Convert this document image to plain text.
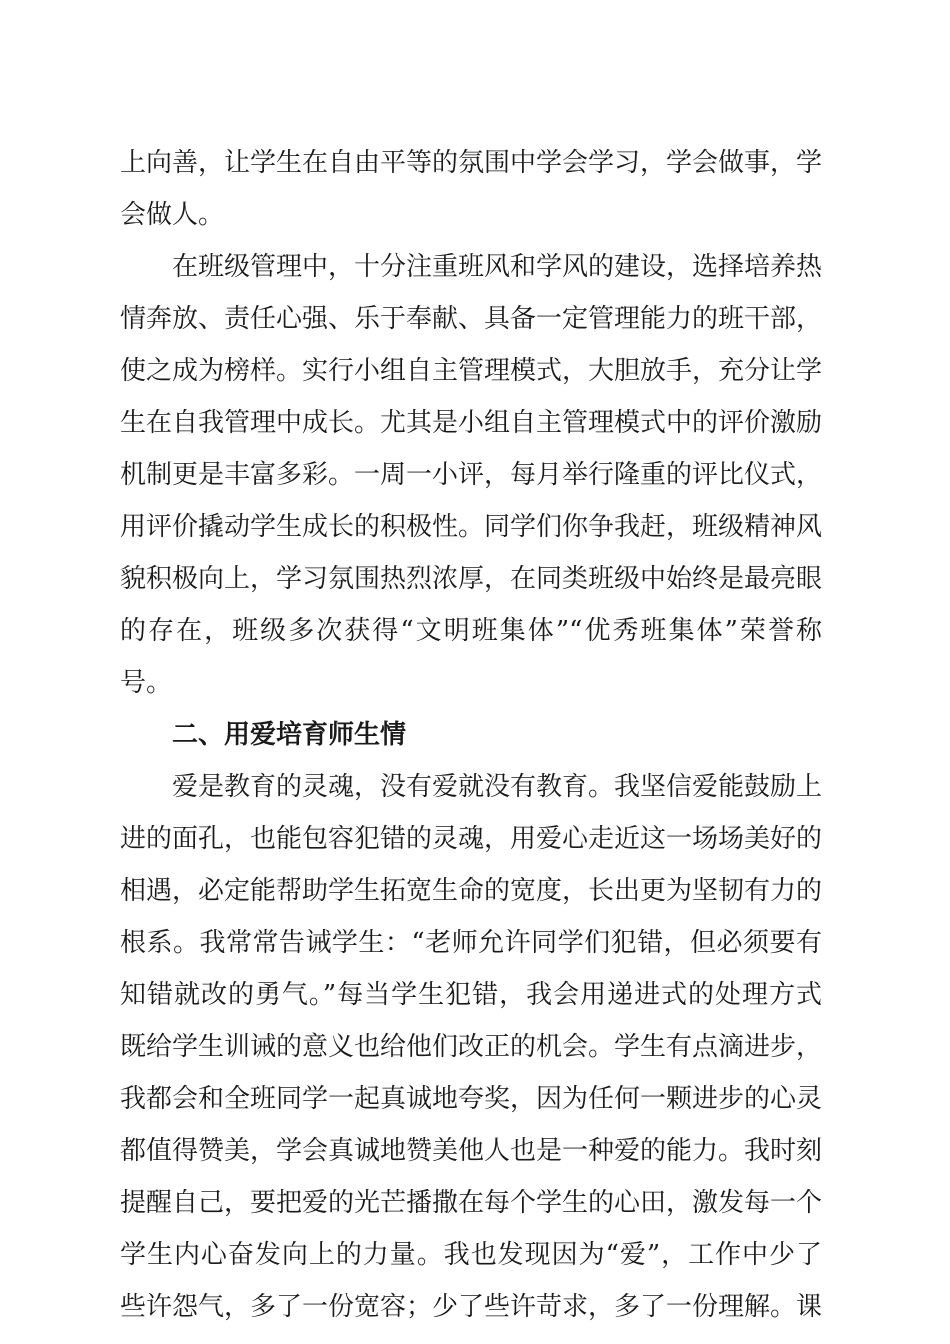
上向善，让学生在自由平等的氛围中学会学习，学会做事，学
会做人。
在班级管理中，十分注重班风和学风的建设，选择培养热
情奔放、责任心强、乐于奉献、具备一定管理能力的班干部，
使之成为榜样。实行小组自主管理模式，大胆放手，充分让学
生在自我管理中成长。尤其是小组自主管理模式中的评价激励
机制更是丰富多彩。一周一小评，每月举行隆重的评比仪式，
用评价撬动学生成长的积极性。同学们你争我赶，班级精神风
貌积极向上，学习氛围热烈浓厚，在同类班级中始终是最亮眼
的存在，班级多次获得“文明班集体”“优秀班集体”荣誉称
号。
二、用爱培育师生情
爱是教育的灵魂，没有爱就没有教育。我坚信爱能鼓励上
进的面孔，也能包容犯错的灵魂，用爱心走近这一场场美好的
相遇，必定能帮助学生拓宽生命的宽度，长出更为坚韧有力的
根系。我常常告诫学生：“老师允许同学们犯错，但必须要有
知错就改的勇气。”每当学生犯错，我会用递进式的处理方式
既给学生训诫的意义也给他们改正的机会。学生有点滴进步，
我都会和全班同学一起真诚地夸奖，因为任何一颗进步的心灵
都值得赞美，学会真诚地赞美他人也是一种爱的能力。我时刻
提醒自己，要把爱的光芒播撒在每个学生的心田，激发每一个
学生内心奋发向上的力量。我也发现因为“爱”，工作中少了
些许怨气，多了一份宽容；少了些许苛求，多了一份理解。课
